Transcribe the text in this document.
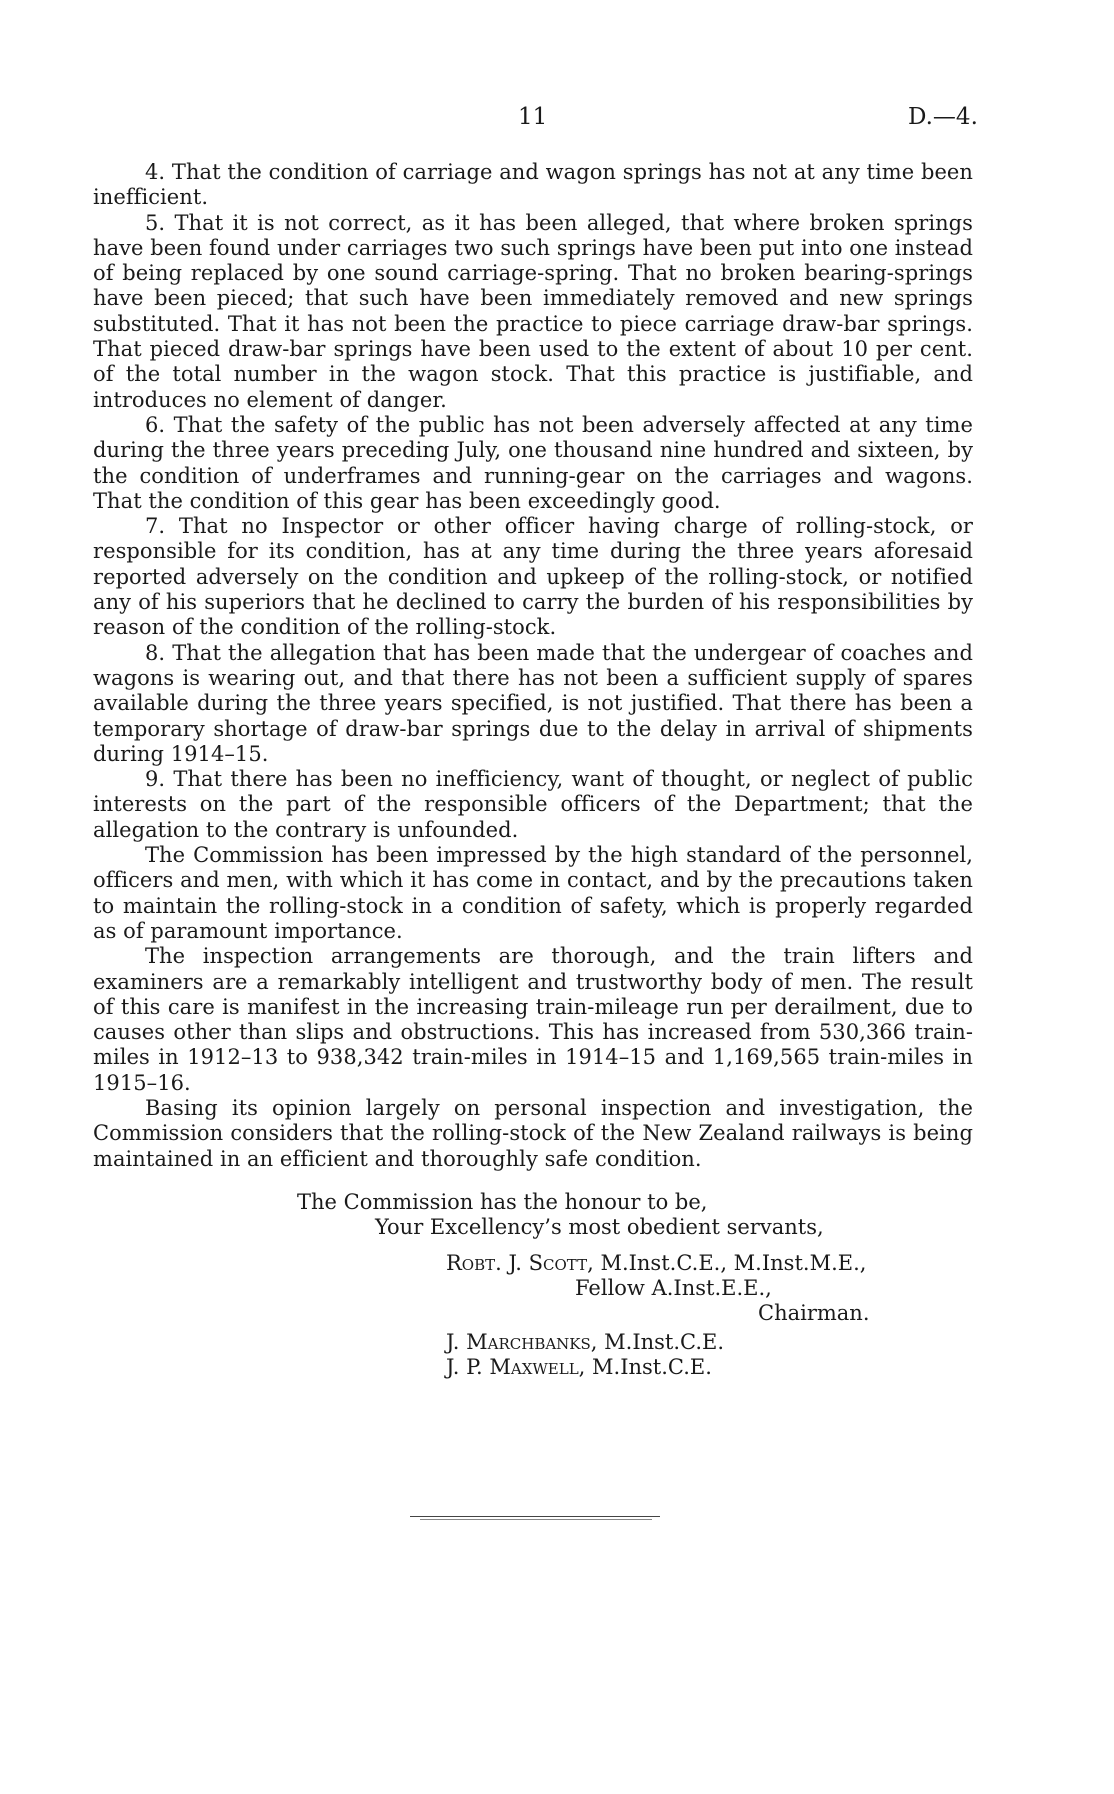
11	D.—4.

4. That the condition of carriage and wagon springs has not at any time been inefficient.

5. That it is not correct, as it has been alleged, that where broken springs have been found under carriages two such springs have been put into one instead of being replaced by one sound carriage-spring. That no broken bearing-springs have been pieced; that such have been immediately removed and new springs substituted. That it has not been the practice to piece carriage draw-bar springs. That pieced draw-bar springs have been used to the extent of about 10 per cent. of the total number in the wagon stock. That this practice is justifiable, and introduces no element of danger.

6. That the safety of the public has not been adversely affected at any time during the three years preceding July, one thousand nine hundred and sixteen, by the condition of underframes and running-gear on the carriages and wagons. That the condition of this gear has been exceedingly good.

7. That no Inspector or other officer having charge of rolling-stock, or responsible for its condition, has at any time during the three years aforesaid reported adversely on the condition and upkeep of the rolling-stock, or notified any of his superiors that he declined to carry the burden of his responsibilities by reason of the condition of the rolling-stock.

8. That the allegation that has been made that the undergear of coaches and wagons is wearing out, and that there has not been a sufficient supply of spares available during the three years specified, is not justified. That there has been a temporary shortage of draw-bar springs due to the delay in arrival of shipments during 1914–15.

9. That there has been no inefficiency, want of thought, or neglect of public interests on the part of the responsible officers of the Department; that the allegation to the contrary is unfounded.

The Commission has been impressed by the high standard of the personnel, officers and men, with which it has come in contact, and by the precautions taken to maintain the rolling-stock in a condition of safety, which is properly regarded as of paramount importance.

The inspection arrangements are thorough, and the train lifters and examiners are a remarkably intelligent and trustworthy body of men. The result of this care is manifest in the increasing train-mileage run per derailment, due to causes other than slips and obstructions. This has increased from 530,366 train-miles in 1912–13 to 938,342 train-miles in 1914–15 and 1,169,565 train-miles in 1915–16.

Basing its opinion largely on personal inspection and investigation, the Commission considers that the rolling-stock of the New Zealand railways is being maintained in an efficient and thoroughly safe condition.

The Commission has the honour to be,
Your Excellency’s most obedient servants,
Robt. J. Scott, M.Inst.C.E., M.Inst.M.E.,
Fellow A.Inst.E.E.,
Chairman.
J. Marchbanks, M.Inst.C.E.
J. P. Maxwell, M.Inst.C.E.
